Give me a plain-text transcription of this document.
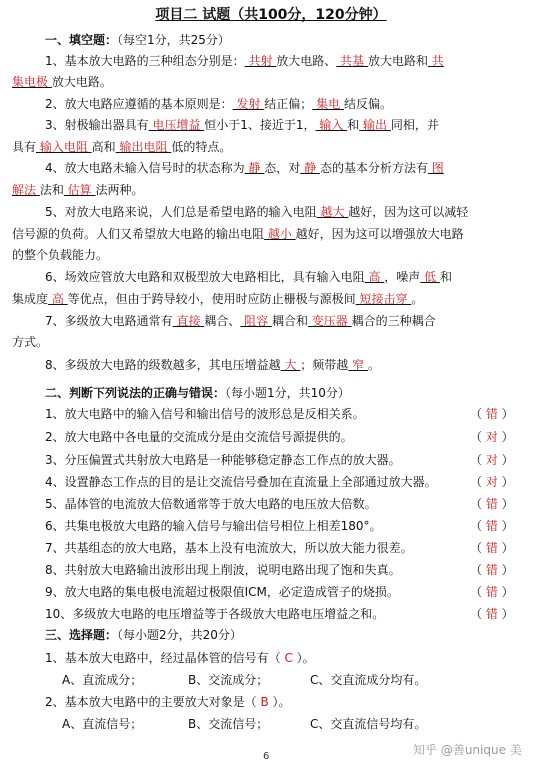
项目二 试题（共100分，120分钟）
一、填空题：（每空1分，共25分）
1、基本放大电路的三种组态分别是： 共射 放大电路、 共基 放大电路和 共
集电极 放大电路。
2、放大电路应遵循的基本原则是： 发射 结正偏； 集电 结反偏。
3、射极输出器具有 电压增益 恒小于1、接近于1， 输入 和 输出 同相，并
具有 输入电阻 高和 输出电阻 低的特点。
4、放大电路未输入信号时的状态称为 静 态，对 静 态的基本分析方法有 图
解法 法和 估算 法两种。
5、对放大电路来说，人们总是希望电路的输入电阻 越大 越好，因为这可以减轻
信号源的负荷。人们又希望放大电路的输出电阻 越小 越好，因为这可以增强放大电路
的整个负载能力。
6、场效应管放大电路和双极型放大电路相比，具有输入电阻 高 ，噪声 低 和
集成度 高 等优点，但由于跨导较小，使用时应防止栅极与源极间 短接击穿 。
7、多级放大电路通常有 直接 耦合、 阻容 耦合和 变压器 耦合的三种耦合
方式。
8、多级放大电路的级数越多，其电压增益越 大 ；频带越 窄 。
二、判断下列说法的正确与错误：（每小题1分，共10分）
1、放大电路中的输入信号和输出信号的波形总是反相关系。	（ 错 ）
2、放大电路中各电量的交流成分是由交流信号源提供的。	（ 对 ）
3、分压偏置式共射放大电路是一种能够稳定静态工作点的放大器。	（ 对 ）
4、设置静态工作点的目的是让交流信号叠加在直流量上全部通过放大器。	（ 对 ）
5、晶体管的电流放大倍数通常等于放大电路的电压放大倍数。	（ 错 ）
6、共集电极放大电路的输入信号与输出信号相位上相差180°。	（ 错 ）
7、共基组态的放大电路，基本上没有电流放大，所以放大能力很差。	（ 错 ）
8、共射放大电路输出波形出现上削波，说明电路出现了饱和失真。	（ 错 ）
9、放大电路的集电极电流超过极限值ICM，必定造成管子的烧损。	（ 错 ）
10、多级放大电路的电压增益等于各级放大电路电压增益之和。	（ 错 ）
三、选择题：（每小题2分，共20分）
1、基本放大电路中，经过晶体管的信号有（ C ）。
A、直流成分；	B、交流成分；	C、交直流成分均有。
2、基本放大电路中的主要放大对象是（ B ）。
A、直流信号；	B、交流信号；	C、交直流信号均有。
6	知乎 @善unique 美
